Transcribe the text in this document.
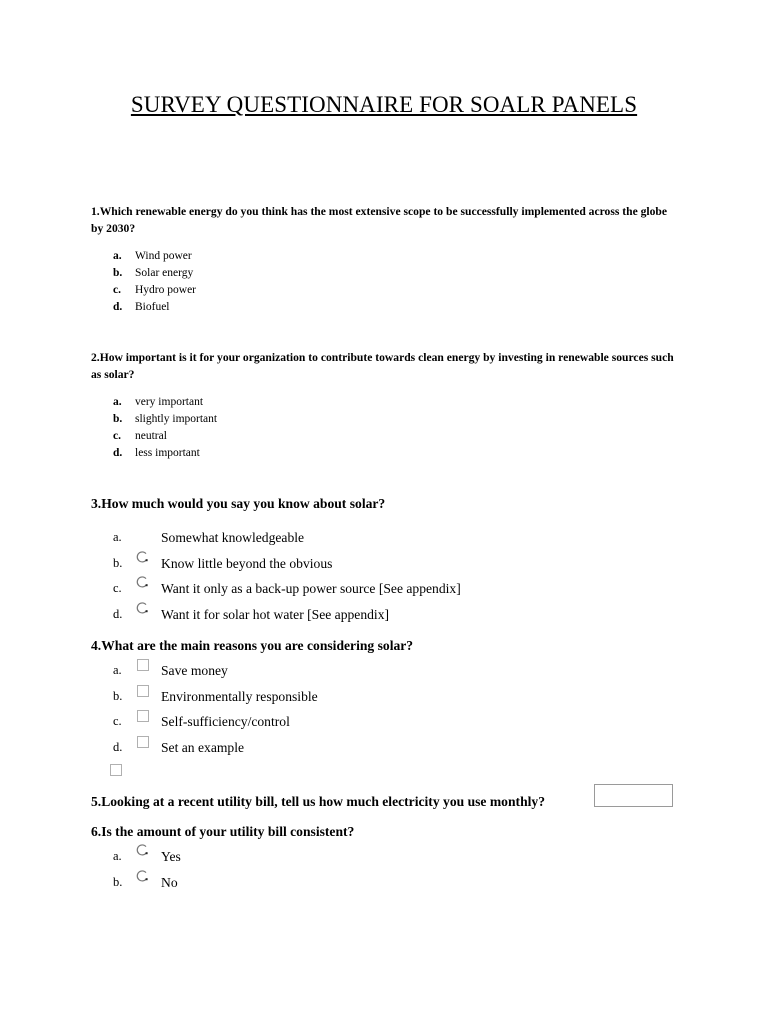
SURVEY QUESTIONNAIRE FOR SOALR PANELS
1.Which renewable energy do you think has the most extensive scope to be successfully implemented across the globe by 2030?
a. Wind power
b. Solar energy
c. Hydro power
d. Biofuel
2.How important is it for your organization to contribute towards clean energy by investing in renewable sources such as solar?
a. very important
b. slightly important
c. neutral
d. less important
3.How much would you say you know about solar?
a.	Somewhat knowledgeable
b.	Know little beyond the obvious
c.	Want it only as a back-up power source [See appendix]
d.	Want it for solar hot water [See appendix]
4.What are the main reasons you are considering solar?
a.	Save money
b.	Environmentally responsible
c.	Self-sufficiency/control
d.	Set an example
5.Looking at a recent utility bill, tell us how much electricity you use monthly?
6.Is the amount of your utility bill consistent?
a.	Yes
b.	No
